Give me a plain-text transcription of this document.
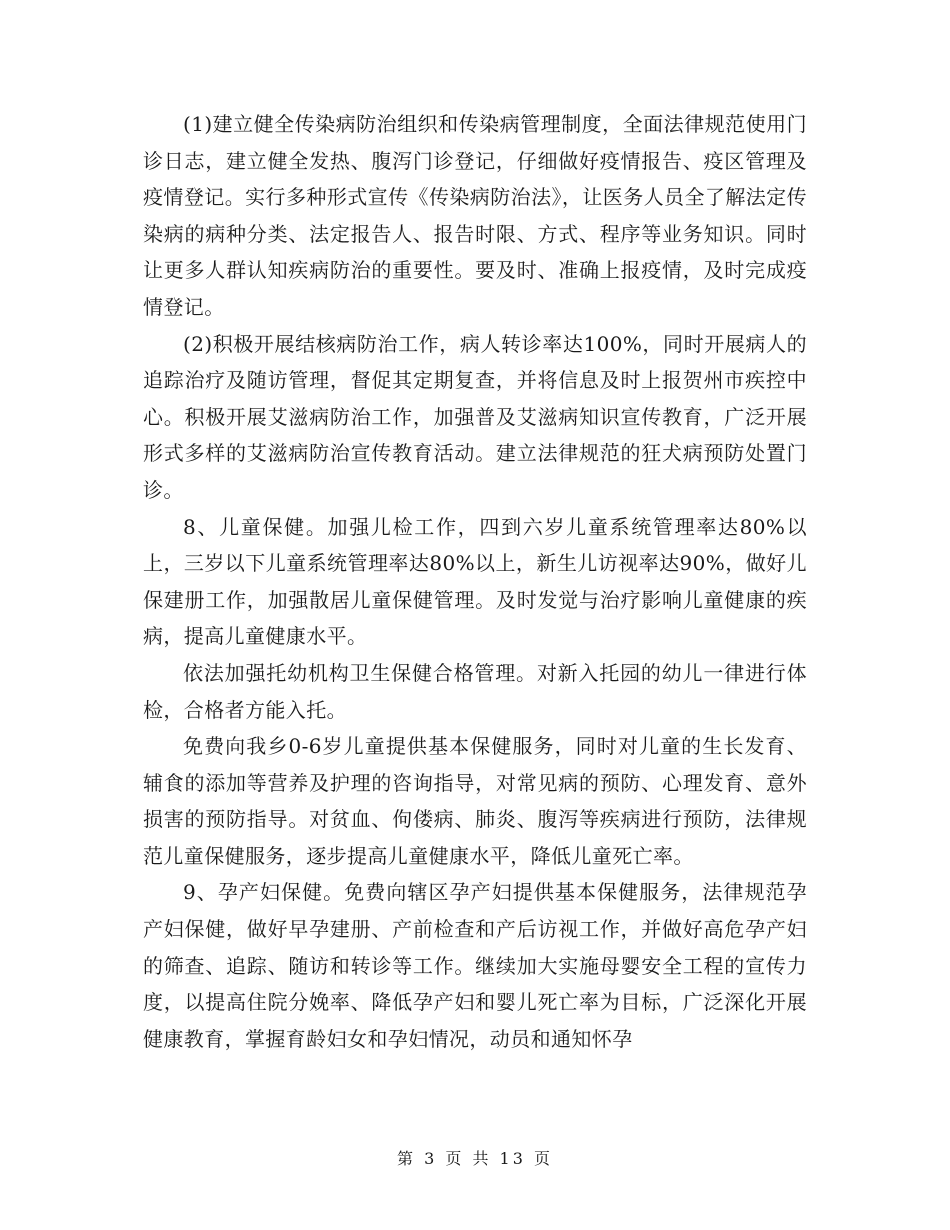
(1)建立健全传染病防治组织和传染病管理制度，全面法律规范使用门诊日志，建立健全发热、腹泻门诊登记，仔细做好疫情报告、疫区管理及疫情登记。实行多种形式宣传《传染病防治法》，让医务人员全了解法定传染病的病种分类、法定报告人、报告时限、方式、程序等业务知识。同时让更多人群认知疾病防治的重要性。要及时、准确上报疫情，及时完成疫情登记。

(2)积极开展结核病防治工作，病人转诊率达100%，同时开展病人的追踪治疗及随访管理，督促其定期复查，并将信息及时上报贺州市疾控中心。积极开展艾滋病防治工作，加强普及艾滋病知识宣传教育，广泛开展形式多样的艾滋病防治宣传教育活动。建立法律规范的狂犬病预防处置门诊。

8、儿童保健。加强儿检工作，四到六岁儿童系统管理率达80%以上，三岁以下儿童系统管理率达80%以上，新生儿访视率达90%，做好儿保建册工作，加强散居儿童保健管理。及时发觉与治疗影响儿童健康的疾病，提高儿童健康水平。

依法加强托幼机构卫生保健合格管理。对新入托园的幼儿一律进行体检，合格者方能入托。

免费向我乡0-6岁儿童提供基本保健服务，同时对儿童的生长发育、辅食的添加等营养及护理的咨询指导，对常见病的预防、心理发育、意外损害的预防指导。对贫血、佝偻病、肺炎、腹泻等疾病进行预防，法律规范儿童保健服务，逐步提高儿童健康水平，降低儿童死亡率。

9、孕产妇保健。免费向辖区孕产妇提供基本保健服务，法律规范孕产妇保健，做好早孕建册、产前检查和产后访视工作，并做好高危孕产妇的筛查、追踪、随访和转诊等工作。继续加大实施母婴安全工程的宣传力度，以提高住院分娩率、降低孕产妇和婴儿死亡率为目标，广泛深化开展健康教育，掌握育龄妇女和孕妇情况，动员和通知怀孕

第 3 页 共 13 页
